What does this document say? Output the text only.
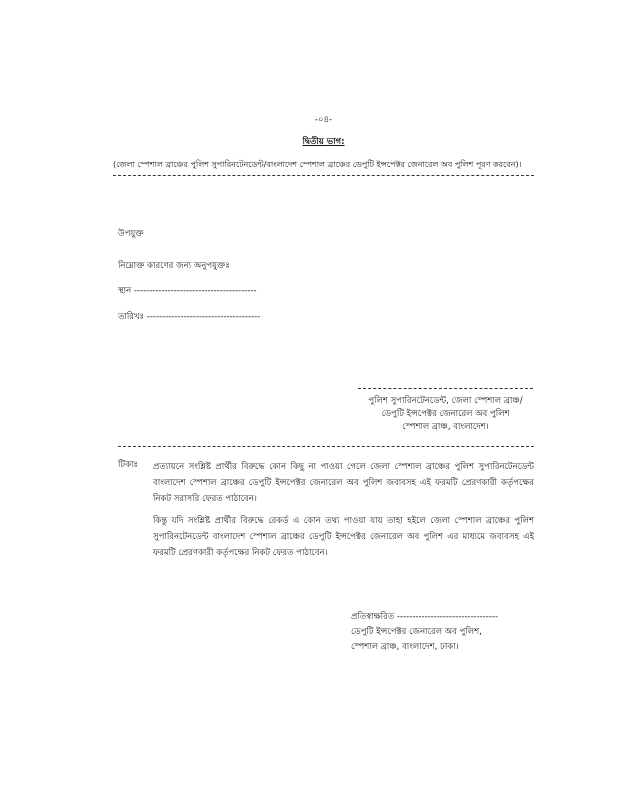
-০৪-
দ্বিতীয় ভাগ:
(জেলা স্পেশাল ব্রাঞ্চের পুলিশ সুপারিনটেনডেন্ট/বাংলাদেশ স্পেশাল ব্রাঞ্চের ডেপুটি ইন্সপেক্টর জেনারেল অব পুলিশ পূরণ করবেন)।
উপযুক্ত
নিম্নোক্ত কারণের জন্য অনুপযুক্তঃ
স্থান ----------------------------------------
তারিখঃ -------------------------------------
পুলিশ সুপারিনটেনডেন্ট, জেলা স্পেশাল ব্রাঞ্চ/
ডেপুটি ইন্সপেক্টর জেনারেল অব পুলিশ
স্পেশাল ব্রাঞ্চ, বাংলাদেশ।
টিকাঃ	প্রত্যায়নে সংশ্লিষ্ট প্রার্থীর বিরুদ্ধে কোন কিছু না পাওয়া গেলে জেলা স্পেশাল ব্রাঞ্চের পুলিশ সুপারিনটেনডেন্ট বাংলাদেশ স্পেশাল ব্রাঞ্চের ডেপুটি ইন্সপেক্টর জেনারেল অব পুলিশ জবাবসহ এই ফরমটি প্রেরণকারী কর্তৃপক্ষের নিকট সরাসরি ফেরত পাঠাবেন।

কিন্তু যদি সংশ্লিষ্ট প্রার্থীর বিরুদ্ধে রেকর্ড এ কোন তথ্য পাওয়া যায় তাহা হইলে জেলা স্পেশাল ব্রাঞ্চের পুলিশ সুপারিনটেনডেন্ট বাংলাদেশ স্পেশাল ব্রাঞ্চের ডেপুটি ইন্সপেক্টর জেনারেল অব পুলিশ এর মাধ্যমে জবাবসহ এই ফরমটি প্রেরণকারী কর্তৃপক্ষের নিকট ফেরত পাঠাবেন।

প্রতিস্বাক্ষরিত ---------------------------------
ডেপুটি ইন্সপেক্টর জেনারেল অব পুলিশ,
স্পেশাল ব্রাঞ্চ, বাংলাদেশ, ঢাকা।
